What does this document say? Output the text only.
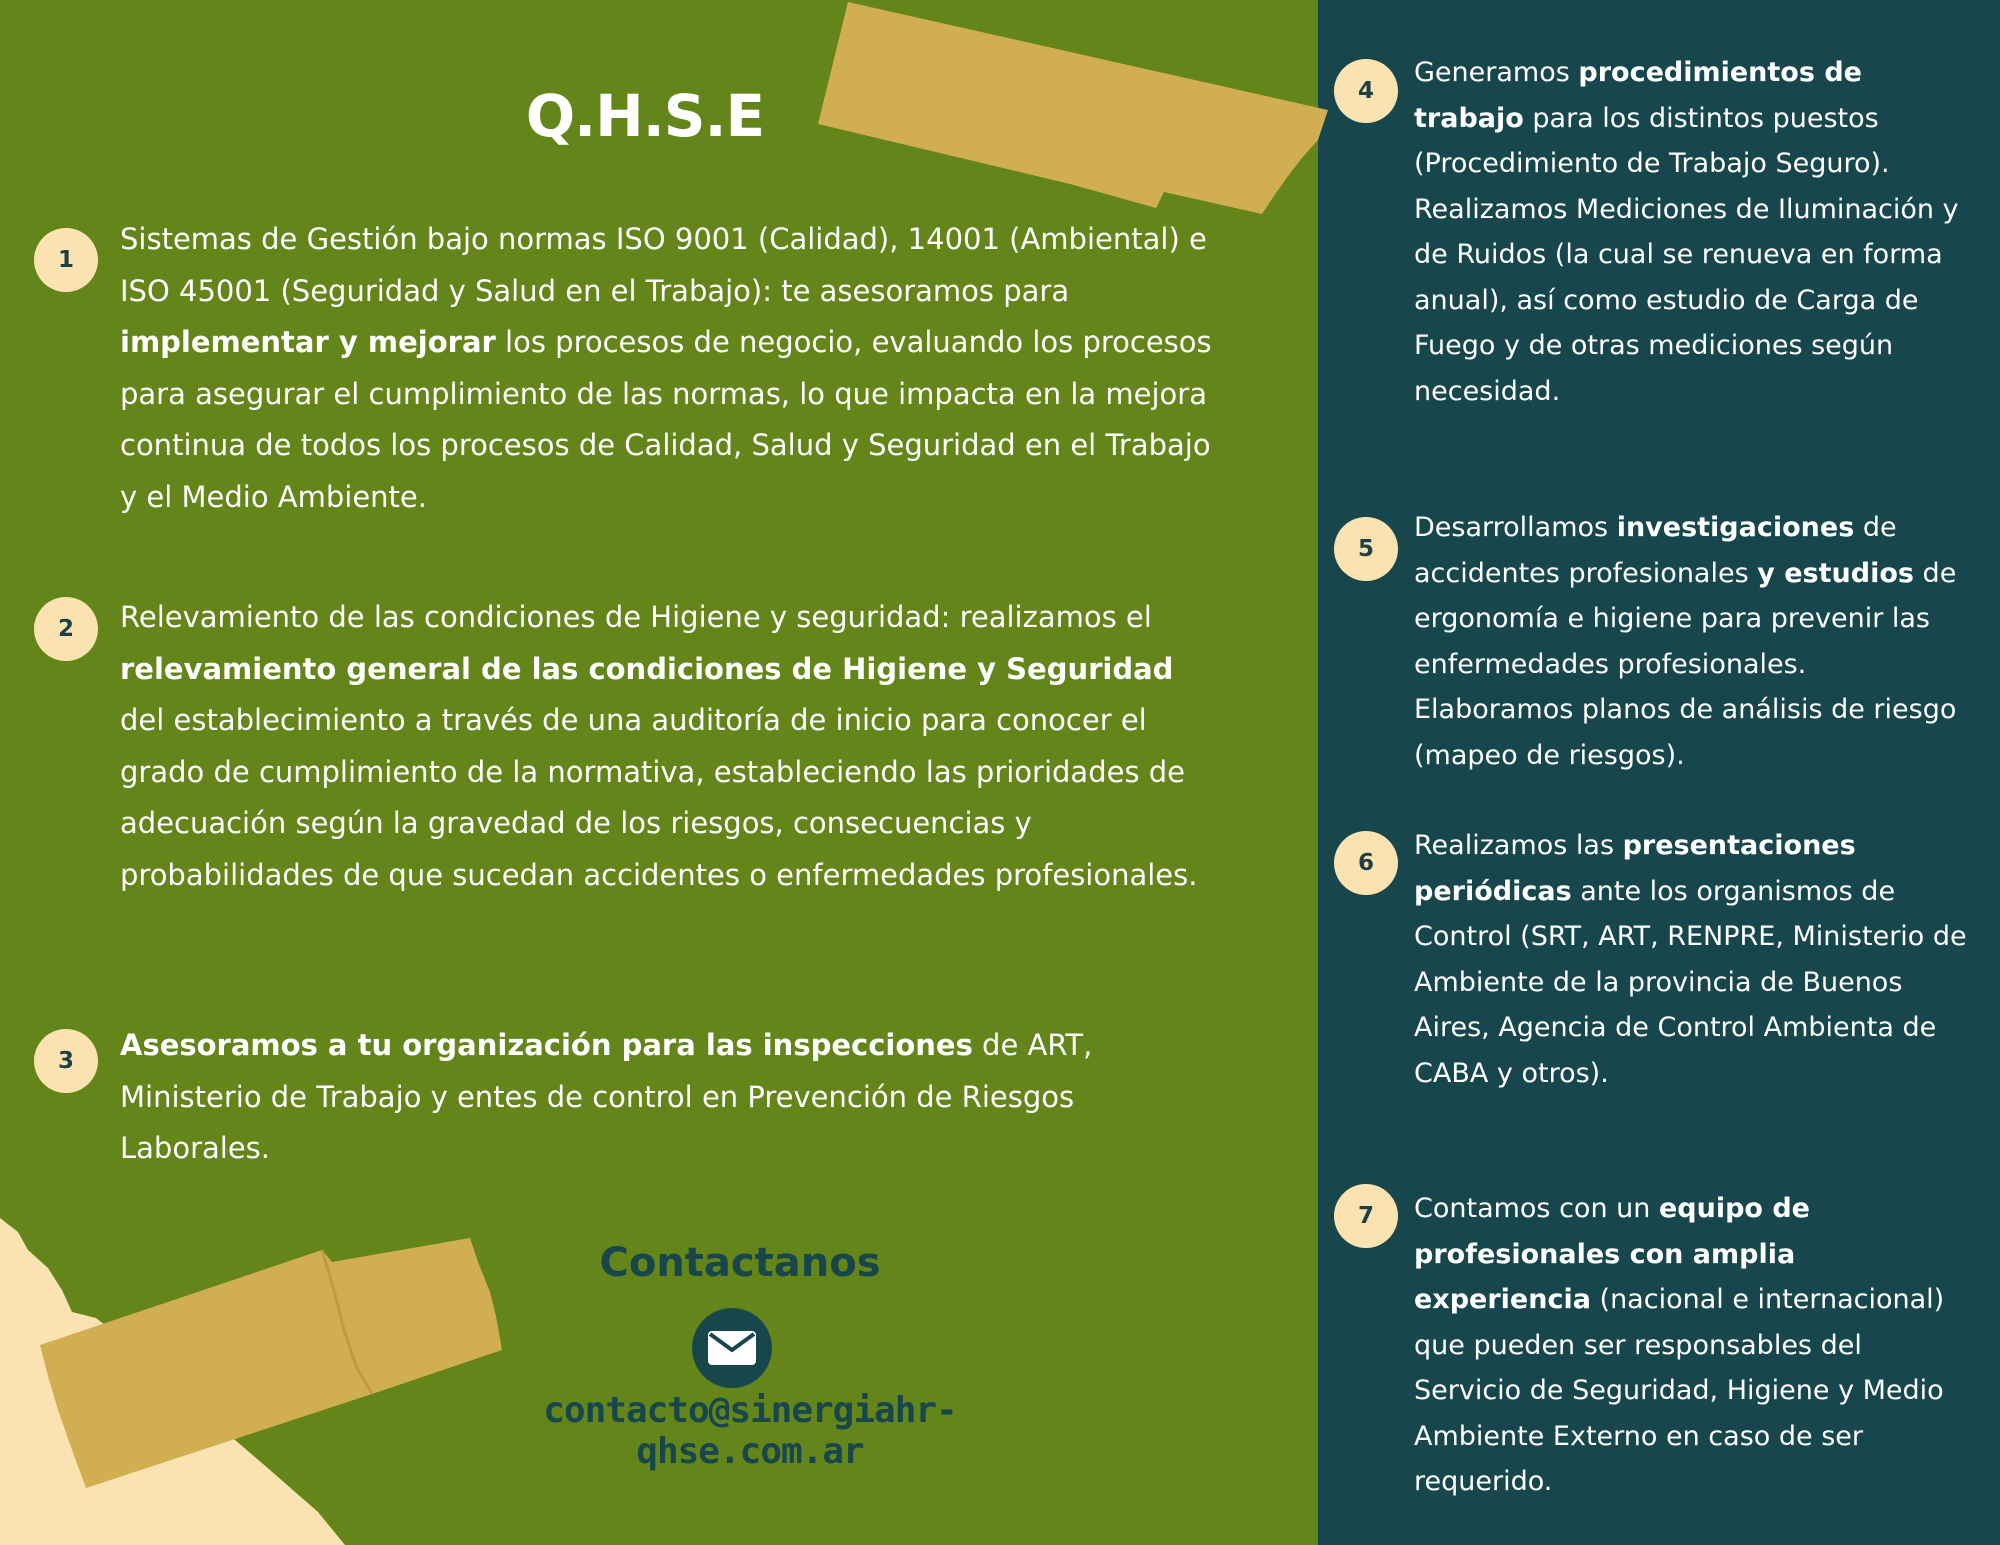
Q.H.S.E
1

Sistemas de Gestión bajo normas ISO 9001 (Calidad), 14001 (Ambiental) e ISO 45001 (Seguridad y Salud en el Trabajo): te asesoramos para implementar y mejorar los procesos de negocio, evaluando los procesos para asegurar el cumplimiento de las normas, lo que impacta en la mejora continua de todos los procesos de Calidad, Salud y Seguridad en el Trabajo y el Medio Ambiente.

2	Relevamiento de las condiciones de Higiene y seguridad: realizamos el relevamiento general de las condiciones de Higiene y Seguridad del establecimiento a través de una auditoría de inicio para conocer el grado de cumplimiento de la normativa, estableciendo las prioridades de adecuación según la gravedad de los riesgos, consecuencias y probabilidades de que sucedan accidentes o enfermedades profesionales.

3	Asesoramos a tu organización para las inspecciones de ART, Ministerio de Trabajo y entes de control en Prevención de Riesgos Laborales.

4

Generamos procedimientos de trabajo para los distintos puestos (Procedimiento de Trabajo Seguro). Realizamos Mediciones de Iluminación y de Ruidos (la cual se renueva en forma anual), así como estudio de Carga de Fuego y de otras mediciones según necesidad.

5

Desarrollamos investigaciones de accidentes profesionales y estudios de ergonomía e higiene para prevenir las enfermedades profesionales. Elaboramos planos de análisis de riesgo (mapeo de riesgos).

6

Realizamos las presentaciones periódicas ante los organismos de Control (SRT, ART, RENPRE, Ministerio de Ambiente de la provincia de Buenos Aires, Agencia de Control Ambienta de CABA y otros).

7	Contamos con un equipo de profesionales con amplia experiencia (nacional e internacional) que pueden ser responsables del Servicio de Seguridad, Higiene y Medio Ambiente Externo en caso de ser requerido.

Contactanos
contacto@sinergiahr-qhse.com.ar
